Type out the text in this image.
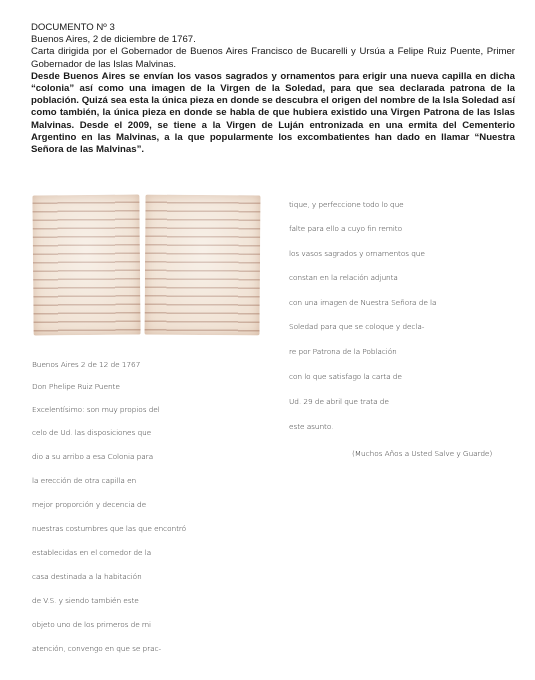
DOCUMENTO Nº 3

Buenos Aires, 2 de diciembre de 1767.

Carta dirigida por el Gobernador de Buenos Aires Francisco de Bucarelli y Ursúa a Felipe Ruiz Puente, Primer Gobernador de las Islas Malvinas.

Desde Buenos Aires se envían los vasos sagrados y ornamentos para erigir una nueva capilla en dicha “colonia” así como una imagen de la Virgen de la Soledad, para que sea declarada patrona de la población. Quizá sea esta la única pieza en donde se descubra el origen del nombre de la Isla Soledad así como también, la única pieza en donde se habla de que hubiera existido una Virgen Patrona de las Islas Malvinas. Desde el 2009, se tiene a la Virgen de Luján entronizada en una ermita del Cementerio Argentino en las Malvinas, a la que popularmente los excombatientes han dado en llamar “Nuestra Señora de las Malvinas”.

Buenos Aires 2 de 12 de 1767
Don Phelipe Ruiz Puente
Excelentísimo: son muy propios del
celo de Ud. las disposiciones que
dio a su arribo a esa Colonia para
la erección de otra capilla en
mejor proporción y decencia de
nuestras costumbres que las que encontró
establecidas en el comedor de la
casa destinada a la habitación
de V.S. y siendo también este
objeto uno de los primeros de mi
atención, convengo en que se prac-
tique, y perfeccione todo lo que
falte para ello a cuyo fin remito
los vasos sagrados y ornamentos que
constan en la relación adjunta
con una imagen de Nuestra Señora de la
Soledad para que se coloque y decla-
re por Patrona de la Población
con lo que satisfago la carta de
Ud. 29 de abril que trata de
este asunto.
(Muchos Años a Usted Salve y Guarde)
